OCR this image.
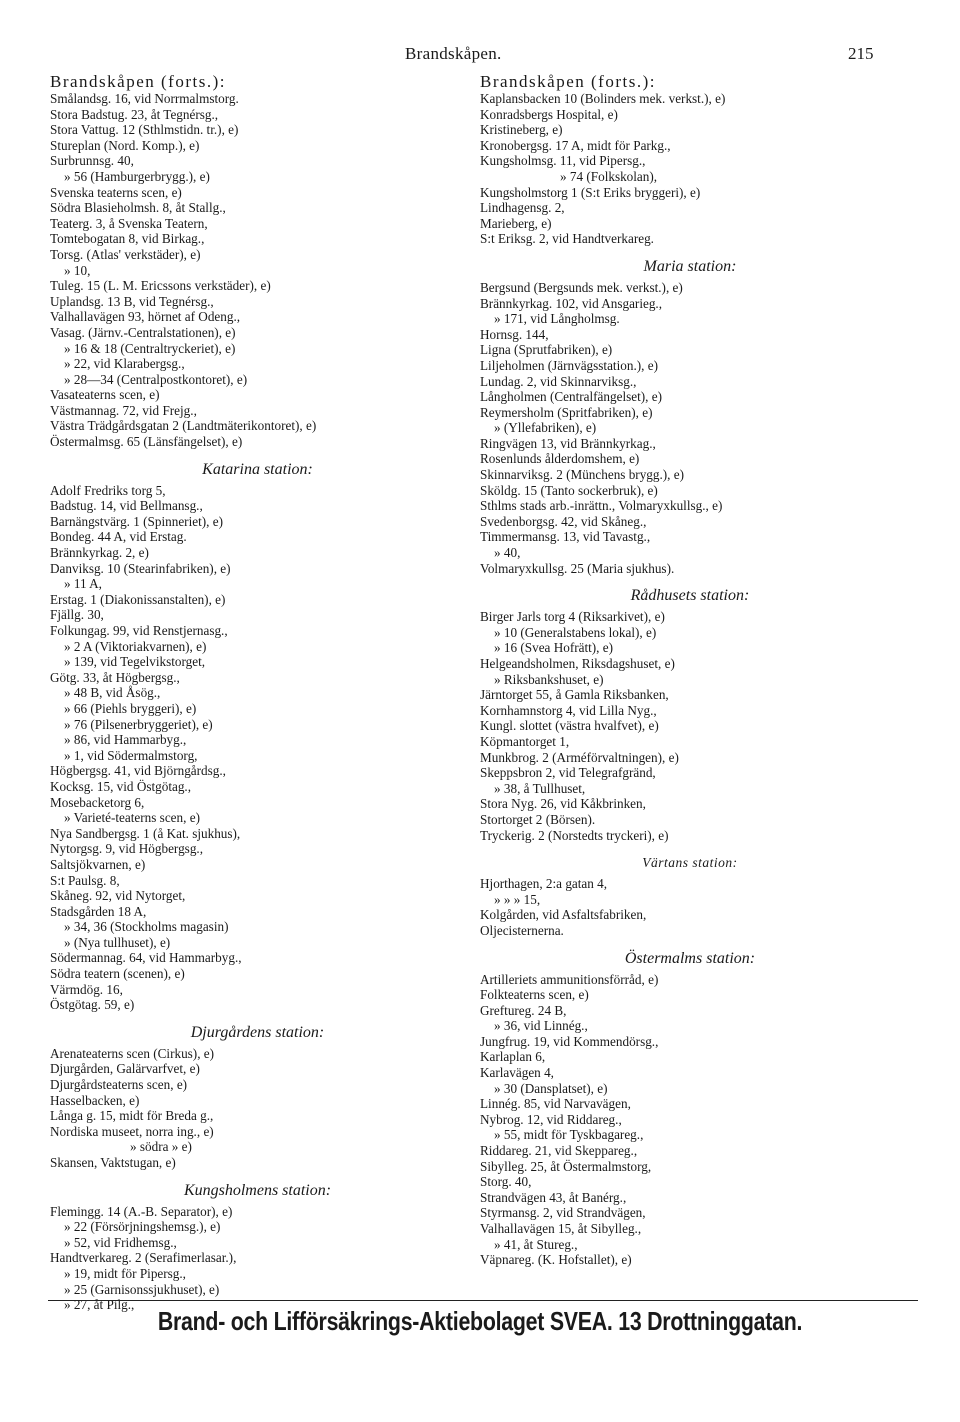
Brandskåpen.	215
Brandskåpen (forts.):
Smålandsg. 16, vid Norrmalmstorg.
Stora Badstug. 23, åt Tegnérsg.,
Stora Vattug. 12 (Sthlmstidn. tr.), e)
Stureplan (Nord. Komp.), e)
Surbrunnsg. 40,
» 56 (Hamburgerbrygg.), e)
Svenska teaterns scen, e)
Södra Blasieholmsh. 8, åt Stallg.,
Teaterg. 3, å Svenska Teatern,
Tomtebogatan 8, vid Birkag.,
Torsg. (Atlas' verkstäder), e)
» 10,
Tuleg. 15 (L. M. Ericssons verkstäder), e)
Uplandsg. 13 B, vid Tegnérsg.,
Valhallavägen 93, hörnet af Odeng.,
Vasag. (Järnv.-Centralstationen), e)
» 16 & 18 (Centraltryckeriet), e)
» 22, vid Klarabergsg.,
» 28—34 (Centralpostkontoret), e)
Vasateaterns scen, e)
Västmannag. 72, vid Frejg.,
Västra Trädgårdsgatan 2 (Landtmäterikontoret), e)
Östermalmsg. 65 (Länsfängelset), e)
Katarina station:
Adolf Fredriks torg 5,
Badstug. 14, vid Bellmansg.,
Barnängstvärg. 1 (Spinneriet), e)
Bondeg. 44 A, vid Erstag.
Brännkyrkag. 2, e)
Danviksg. 10 (Stearinfabriken), e)
» 11 A,
Erstag. 1 (Diakonissanstalten), e)
Fjällg. 30,
Folkungag. 99, vid Renstjernasg.,
» 2 A (Viktoriakvarnen), e)
» 139, vid Tegelvikstorget,
Götg. 33, åt Högbergsg.,
» 48 B, vid Åsög.,
» 66 (Piehls bryggeri), e)
» 76 (Pilsenerbryggeriet), e)
» 86, vid Hammarbyg.,
» 1, vid Södermalmstorg,
Högbergsg. 41, vid Björngårdsg.,
Kocksg. 15, vid Östgötag.,
Mosebacketorg 6,
» Varieté-teaterns scen, e)
Nya Sandbergsg. 1 (å Kat. sjukhus),
Nytorgsg. 9, vid Högbergsg.,
Saltsjökvarnen, e)
S:t Paulsg. 8,
Skåneg. 92, vid Nytorget,
Stadsgården 18 A,
» 34, 36 (Stockholms magasin)
» (Nya tullhuset), e)
Södermannag. 64, vid Hammarbyg.,
Södra teatern (scenen), e)
Värmdög. 16,
Östgötag. 59, e)
Djurgårdens station:
Arenateaterns scen (Cirkus), e)
Djurgården, Galärvarfvet, e)
Djurgårdsteaterns scen, e)
Hasselbacken, e)
Långa g. 15, midt för Breda g.,
Nordiska museet, norra ing., e)
» södra » e)
Skansen, Vaktstugan, e)
Kungsholmens station:
Flemingg. 14 (A.-B. Separator), e)
» 22 (Försörjningshemsg.), e)
» 52, vid Fridhemsg.,
Handtverkareg. 2 (Serafimerlasar.),
» 19, midt för Pipersg.,
» 25 (Garnisonssjukhuset), e)
» 27, åt Pilg.,
Brandskåpen (forts.):
Kaplansbacken 10 (Bolinders mek. verkst.), e)
Konradsbergs Hospital, e)
Kristineberg, e)
Kronobergsg. 17 A, midt för Parkg.,
Kungsholmsg. 11, vid Pipersg.,
» 74 (Folkskolan),
Kungsholmstorg 1 (S:t Eriks bryggeri), e)
Lindhagensg. 2,
Marieberg, e)
S:t Eriksg. 2, vid Handtverkareg.
Maria station:
Bergsund (Bergsunds mek. verkst.), e)
Brännkyrkag. 102, vid Ansgarieg.,
» 171, vid Långholmsg.
Hornsg. 144,
Ligna (Sprutfabriken), e)
Liljeholmen (Järnvägsstation.), e)
Lundag. 2, vid Skinnarviksg.,
Långholmen (Centralfängelset), e)
Reymersholm (Spritfabriken), e)
» (Yllefabriken), e)
Ringvägen 13, vid Brännkyrkag.,
Rosenlunds ålderdomshem, e)
Skinnarviksg. 2 (Münchens brygg.), e)
Sköldg. 15 (Tanto sockerbruk), e)
Sthlms stads arb.-inrättn., Volmaryxkullsg., e)
Svedenborgsg. 42, vid Skåneg.,
Timmermansg. 13, vid Tavastg.,
» 40,
Volmaryxkullsg. 25 (Maria sjukhus).
Rådhusets station:
Birger Jarls torg 4 (Riksarkivet), e)
» 10 (Generalstabens lokal), e)
» 16 (Svea Hofrätt), e)
Helgeandsholmen, Riksdagshuset, e)
» Riksbankshuset, e)
Järntorget 55, å Gamla Riksbanken,
Kornhamnstorg 4, vid Lilla Nyg.,
Kungl. slottet (västra hvalfvet), e)
Köpmantorget 1,
Munkbrog. 2 (Arméförvaltningen), e)
Skeppsbron 2, vid Telegrafgränd,
» 38, å Tullhuset,
Stora Nyg. 26, vid Kåkbrinken,
Stortorget 2 (Börsen).
Tryckerig. 2 (Norstedts tryckeri), e)
Värtans station:
Hjorthagen, 2:a gatan 4,
» » » 15,
Kolgården, vid Asfaltsfabriken,
Oljecisternerna.
Östermalms station:
Artilleriets ammunitionsförråd, e)
Folkteaterns scen, e)
Greftureg. 24 B,
» 36, vid Linnég.,
Jungfrug. 19, vid Kommendörsg.,
Karlaplan 6,
Karlavägen 4,
» 30 (Dansplatset), e)
Linnég. 85, vid Narvavägen,
Nybrog. 12, vid Riddareg.,
» 55, midt för Tyskbagareg.,
Riddareg. 21, vid Skeppareg.,
Sibylleg. 25, åt Östermalmstorg,
Storg. 40,
Strandvägen 43, åt Banérg.,
Styrmansg. 2, vid Strandvägen,
Valhallavägen 15, åt Sibylleg.,
» 41, åt Stureg.,
Väpnareg. (K. Hofstallet), e)
Brand- och Lifförsäkrings-Aktiebolaget SVEA. 13 Drottninggatan.
